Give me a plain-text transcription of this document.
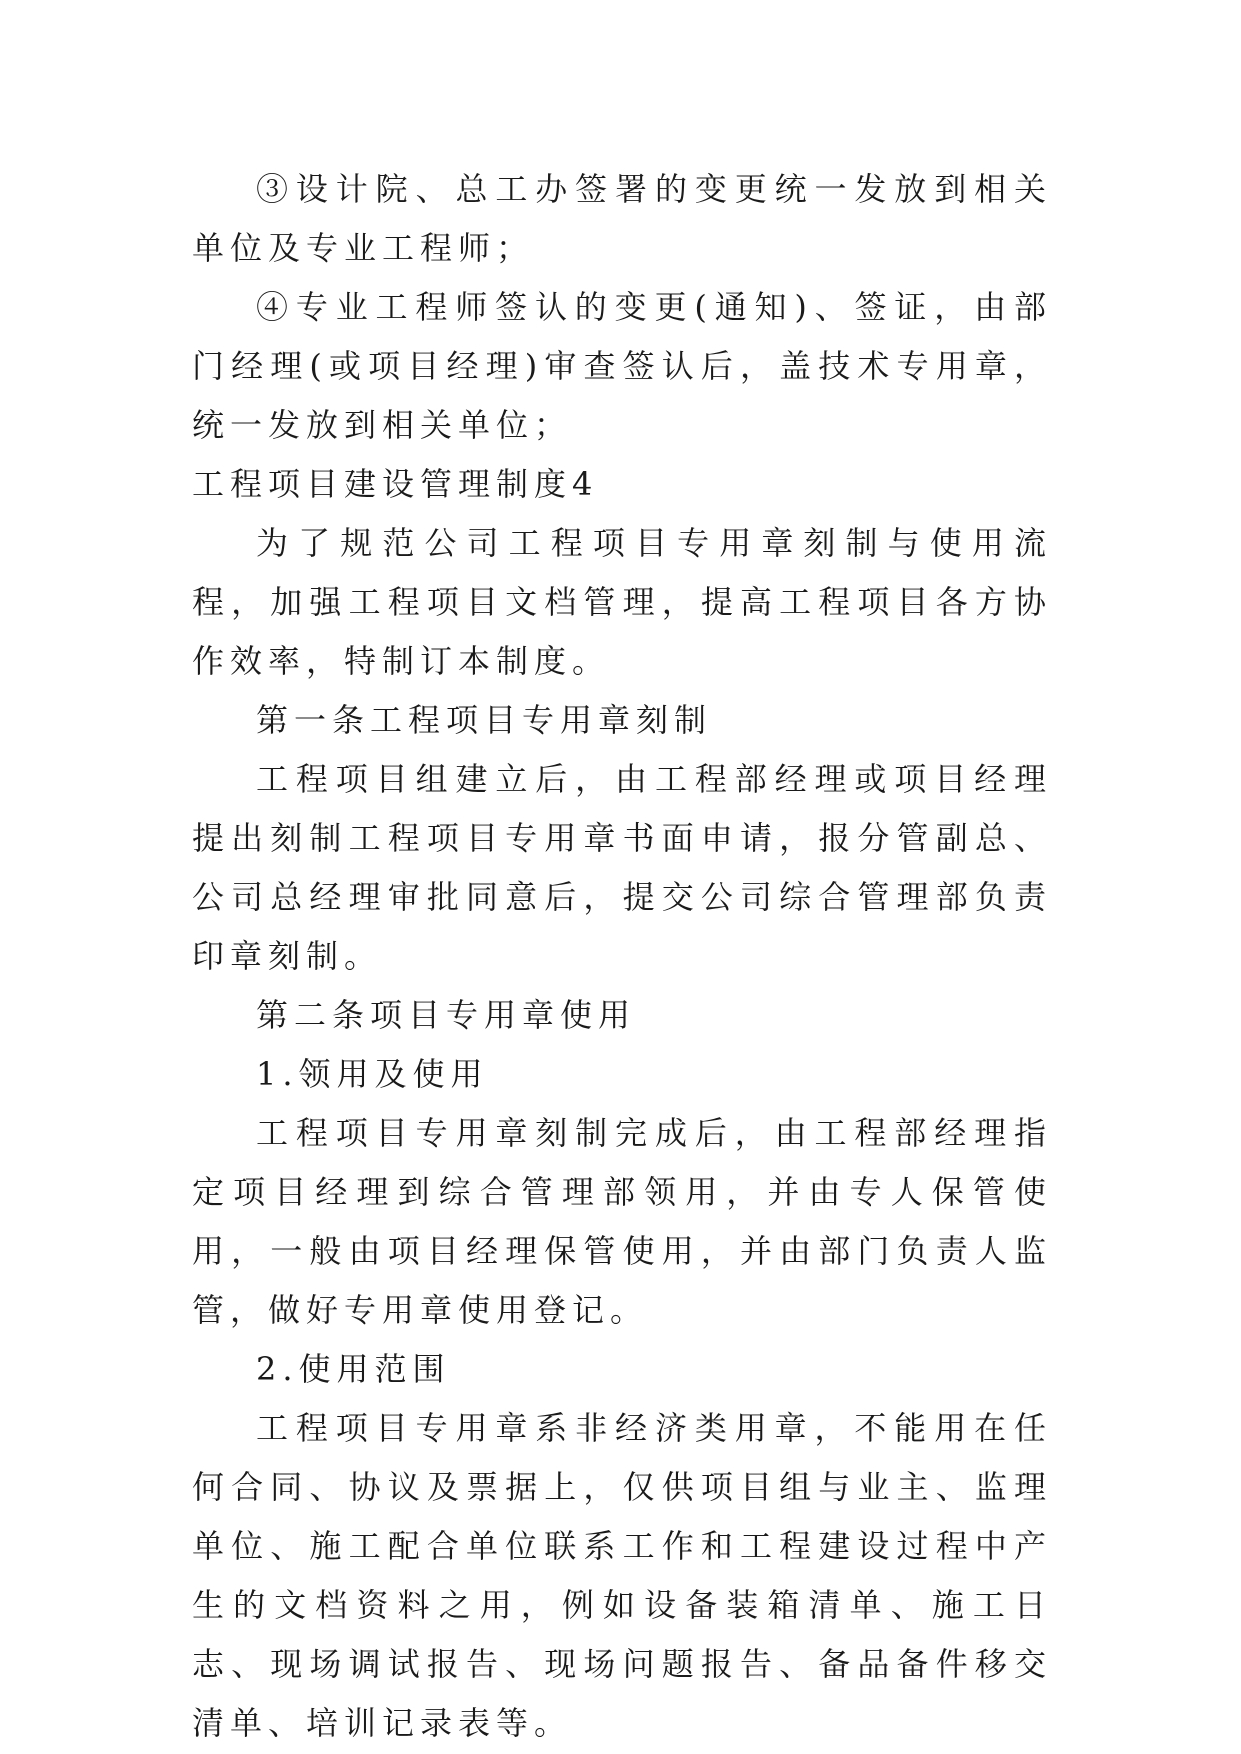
③设计院、总工办签署的变更统一发放到相关单位及专业工程师；

④专业工程师签认的变更(通知)、签证，由部门经理(或项目经理)审查签认后，盖技术专用章，统一发放到相关单位；

工程项目建设管理制度4

为了规范公司工程项目专用章刻制与使用流程，加强工程项目文档管理，提高工程项目各方协作效率，特制订本制度。

第一条工程项目专用章刻制

工程项目组建立后，由工程部经理或项目经理提出刻制工程项目专用章书面申请，报分管副总、公司总经理审批同意后，提交公司综合管理部负责印章刻制。

第二条项目专用章使用

1.领用及使用

工程项目专用章刻制完成后，由工程部经理指定项目经理到综合管理部领用，并由专人保管使用，一般由项目经理保管使用，并由部门负责人监管，做好专用章使用登记。

2.使用范围

工程项目专用章系非经济类用章，不能用在任何合同、协议及票据上，仅供项目组与业主、监理单位、施工配合单位联系工作和工程建设过程中产生的文档资料之用，例如设备装箱清单、施工日志、现场调试报告、现场问题报告、备品备件移交清单、培训记录表等。
